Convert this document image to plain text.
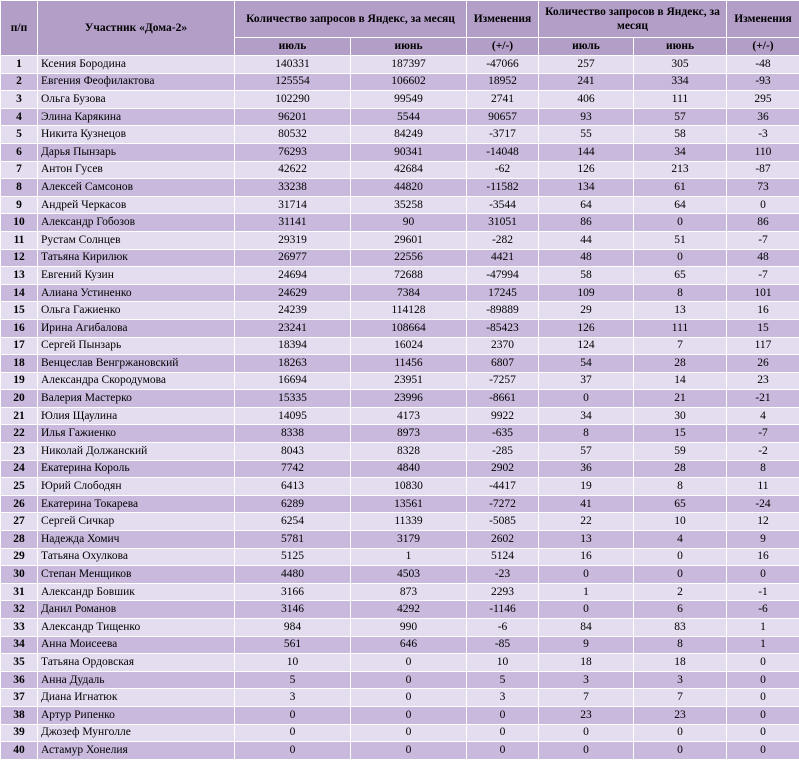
п/п	Участник «Дома-2»	Количество запросов в Яндекс, за месяц		Изменения	Количество запросов в Яндекс, за месяц		Изменения
		июль	июнь	(+/-)	июль	июнь	(+/-)
1	Ксения Бородина	140331	187397	-47066	257	305	-48
2	Евгения Феофилактова	125554	106602	18952	241	334	-93
3	Ольга Бузова	102290	99549	2741	406	111	295
4	Элина Карякина	96201	5544	90657	93	57	36
5	Никита Кузнецов	80532	84249	-3717	55	58	-3
6	Дарья Пынзарь	76293	90341	-14048	144	34	110
7	Антон Гусев	42622	42684	-62	126	213	-87
8	Алексей Самсонов	33238	44820	-11582	134	61	73
9	Андрей Черкасов	31714	35258	-3544	64	64	0
10	Александр Гобозов	31141	90	31051	86	0	86
11	Рустам Солнцев	29319	29601	-282	44	51	-7
12	Татьяна Кирилюк	26977	22556	4421	48	0	48
13	Евгений Кузин	24694	72688	-47994	58	65	-7
14	Алиана Устиненко	24629	7384	17245	109	8	101
15	Ольга Гажиенко	24239	114128	-89889	29	13	16
16	Ирина Агибалова	23241	108664	-85423	126	111	15
17	Сергей Пынзарь	18394	16024	2370	124	7	117
18	Венцеслав Венгржановский	18263	11456	6807	54	28	26
19	Александра Скородумова	16694	23951	-7257	37	14	23
20	Валерия Мастерко	15335	23996	-8661	0	21	-21
21	Юлия Щаулина	14095	4173	9922	34	30	4
22	Илья Гажиенко	8338	8973	-635	8	15	-7
23	Николай Должанский	8043	8328	-285	57	59	-2
24	Екатерина Король	7742	4840	2902	36	28	8
25	Юрий Слободян	6413	10830	-4417	19	8	11
26	Екатерина Токарева	6289	13561	-7272	41	65	-24
27	Сергей Сичкар	6254	11339	-5085	22	10	12
28	Надежда Хомич	5781	3179	2602	13	4	9
29	Татьяна Охулкова	5125	1	5124	16	0	16
30	Степан Менщиков	4480	4503	-23	0	0	0
31	Александр Бовшик	3166	873	2293	1	2	-1
32	Данил Романов	3146	4292	-1146	0	6	-6
33	Александр Тищенко	984	990	-6	84	83	1
34	Анна Моисеева	561	646	-85	9	8	1
35	Татьяна Ордовская	10	0	10	18	18	0
36	Анна Дудаль	5	0	5	3	3	0
37	Диана Игнатюк	3	0	3	7	7	0
38	Артур Рипенко	0	0	0	23	23	0
39	Джозеф Мунголле	0	0	0	0	0	0
40	Астамур Хонелия	0	0	0	0	0	0
